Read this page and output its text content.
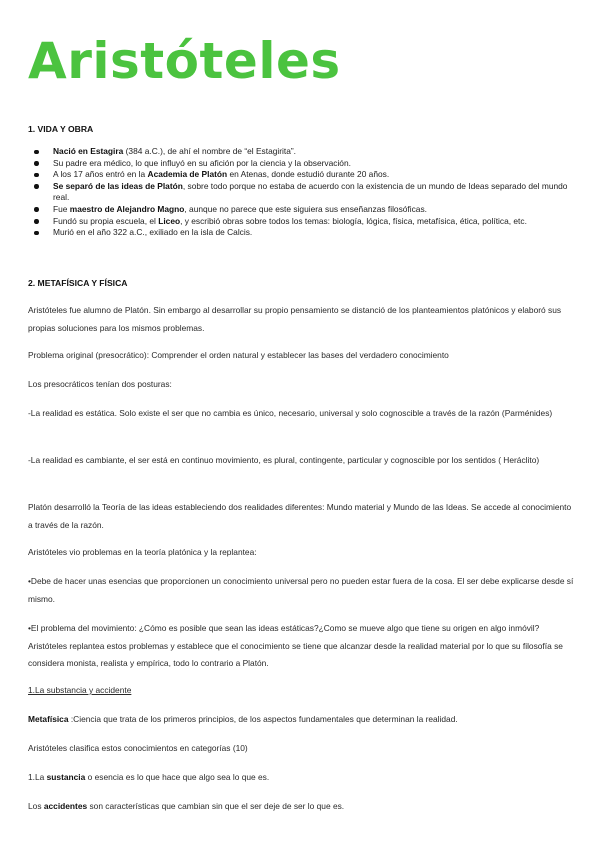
Aristóteles
1. VIDA Y OBRA
Nació en Estagira (384 a.C.), de ahí el nombre de “el Estagirita”.
Su padre era médico, lo que influyó en su afición por la ciencia y la observación.
A los 17 años entró en la Academia de Platón en Atenas, donde estudió durante 20 años.
Se separó de las ideas de Platón, sobre todo porque no estaba de acuerdo con la existencia de un mundo de Ideas separado del mundo real.
Fue maestro de Alejandro Magno, aunque no parece que este siguiera sus enseñanzas filosóficas.
Fundó su propia escuela, el Liceo, y escribió obras sobre todos los temas: biología, lógica, física, metafísica, ética, política, etc.
Murió en el año 322 a.C., exiliado en la isla de Calcis.
2. METAFÍSICA Y FÍSICA

Aristóteles fue alumno de Platón. Sin embargo al desarrollar su propio pensamiento se distanció de los planteamientos platónicos y elaboró sus propias soluciones para los mismos problemas.

Problema original (presocrático): Comprender el orden natural y establecer las bases del verdadero conocimiento

Los presocráticos tenían dos posturas:

-La realidad es estática. Solo existe el ser que no cambia es único, necesario, universal y solo cognoscible a través de la razón (Parménides)

-La realidad es cambiante, el ser está en continuo movimiento, es plural, contingente, particular y cognoscible por los sentidos ( Heráclito)

Platón desarrolló la Teoría de las ideas estableciendo dos realidades diferentes: Mundo material y Mundo de las Ideas. Se accede al conocimiento a través de la razón.

Aristóteles vio problemas en la teoría platónica y la replantea:

•Debe de hacer unas esencias que proporcionen un conocimiento universal pero no pueden estar fuera de la cosa. El ser debe explicarse desde sí mismo.

•El problema del movimiento: ¿Cómo es posible que sean las ideas estáticas?¿Como se mueve algo que tiene su origen en algo inmóvil? Aristóteles replantea estos problemas y establece que el conocimiento se tiene que alcanzar desde la realidad material por lo que su filosofía se considera monista, realista y empírica, todo lo contrario a Platón.

1.La substancia y accidente

Metafísica :Ciencia que trata de los primeros principios, de los aspectos fundamentales que determinan la realidad.

Aristóteles clasifica estos conocimientos en categorías (10)

1.La sustancia o esencia es lo que hace que algo sea lo que es.

Los accidentes son características que cambian sin que el ser deje de ser lo que es.
